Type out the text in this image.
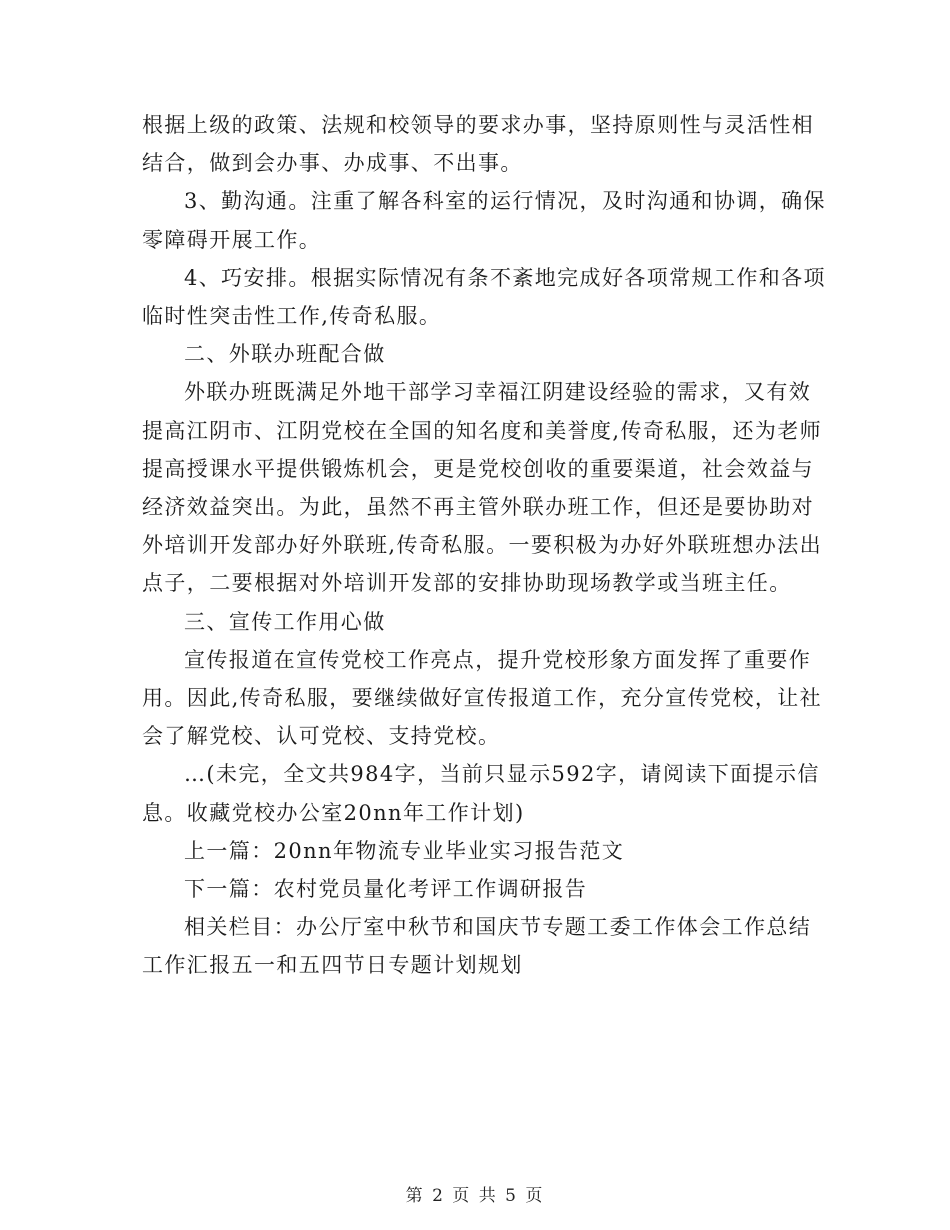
根据上级的政策、法规和校领导的要求办事，坚持原则性与灵活性相
结合，做到会办事、办成事、不出事。

3、勤沟通。注重了解各科室的运行情况，及时沟通和协调，确保
零障碍开展工作。

4、巧安排。根据实际情况有条不紊地完成好各项常规工作和各项
临时性突击性工作,传奇私服。

二、外联办班配合做

外联办班既满足外地干部学习幸福江阴建设经验的需求，又有效
提高江阴市、江阴党校在全国的知名度和美誉度,传奇私服，还为老师
提高授课水平提供锻炼机会，更是党校创收的重要渠道，社会效益与
经济效益突出。为此，虽然不再主管外联办班工作，但还是要协助对
外培训开发部办好外联班,传奇私服。一要积极为办好外联班想办法出
点子，二要根据对外培训开发部的安排协助现场教学或当班主任。

三、宣传工作用心做

宣传报道在宣传党校工作亮点，提升党校形象方面发挥了重要作
用。因此,传奇私服，要继续做好宣传报道工作，充分宣传党校，让社
会了解党校、认可党校、支持党校。

…(未完，全文共984字，当前只显示592字，请阅读下面提示信
息。收藏党校办公室20nn年工作计划)

上一篇：20nn年物流专业毕业实习报告范文

下一篇：农村党员量化考评工作调研报告

相关栏目：办公厅室中秋节和国庆节专题工委工作体会工作总结
工作汇报五一和五四节日专题计划规划

第 2 页 共 5 页
